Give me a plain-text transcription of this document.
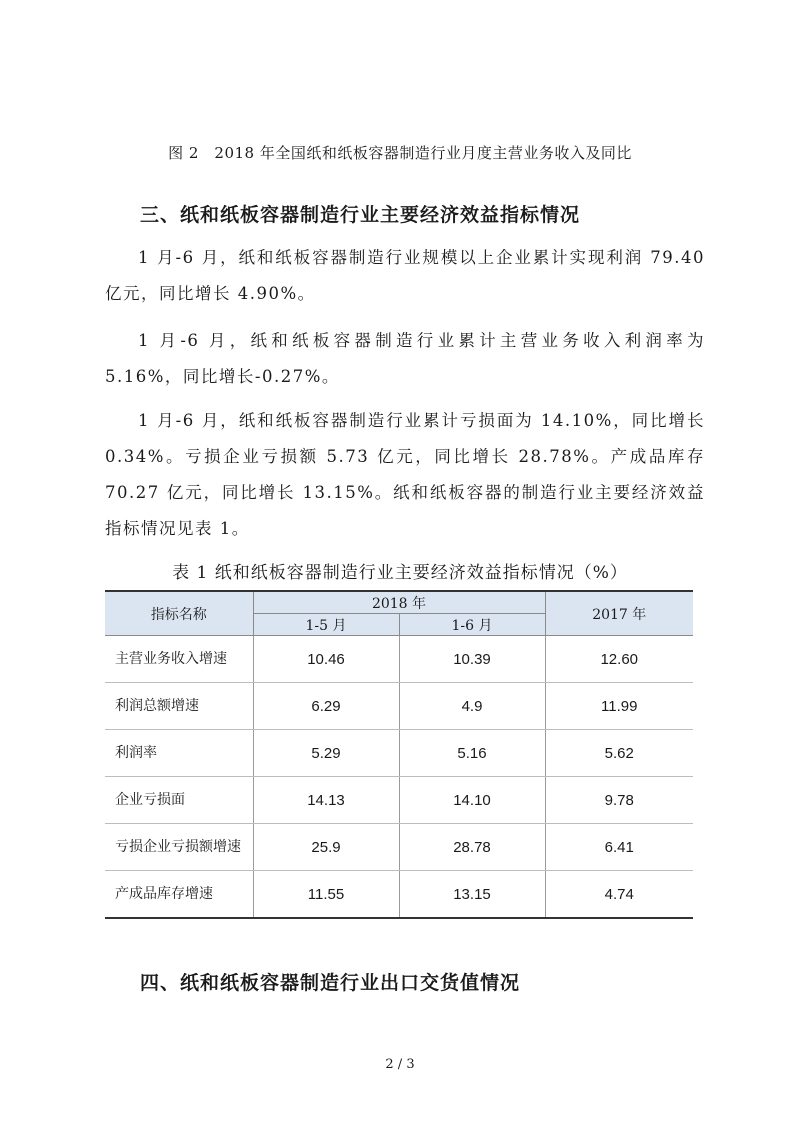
图 2　2018 年全国纸和纸板容器制造行业月度主营业务收入及同比
三、纸和纸板容器制造行业主要经济效益指标情况

1 月-6 月，纸和纸板容器制造行业规模以上企业累计实现利润 79.40 亿元，同比增长 4.90%。

1 月-6 月，纸和纸板容器制造行业累计主营业务收入利润率为 5.16%，同比增长-0.27%。

1 月-6 月，纸和纸板容器制造行业累计亏损面为 14.10%，同比增长 0.34%。亏损企业亏损额 5.73 亿元，同比增长 28.78%。产成品库存 70.27 亿元，同比增长 13.15%。纸和纸板容器的制造行业主要经济效益指标情况见表 1。

表 1 纸和纸板容器制造行业主要经济效益指标情况（%）
指标名称	2018 年		2017 年
	1-5 月	1-6 月	
主营业务收入增速	10.46	10.39	12.60
利润总额增速	6.29	4.9	11.99
利润率	5.29	5.16	5.62
企业亏损面	14.13	14.10	9.78
亏损企业亏损额增速	25.9	28.78	6.41
产成品库存增速	11.55	13.15	4.74
四、纸和纸板容器制造行业出口交货值情况
2 / 3
